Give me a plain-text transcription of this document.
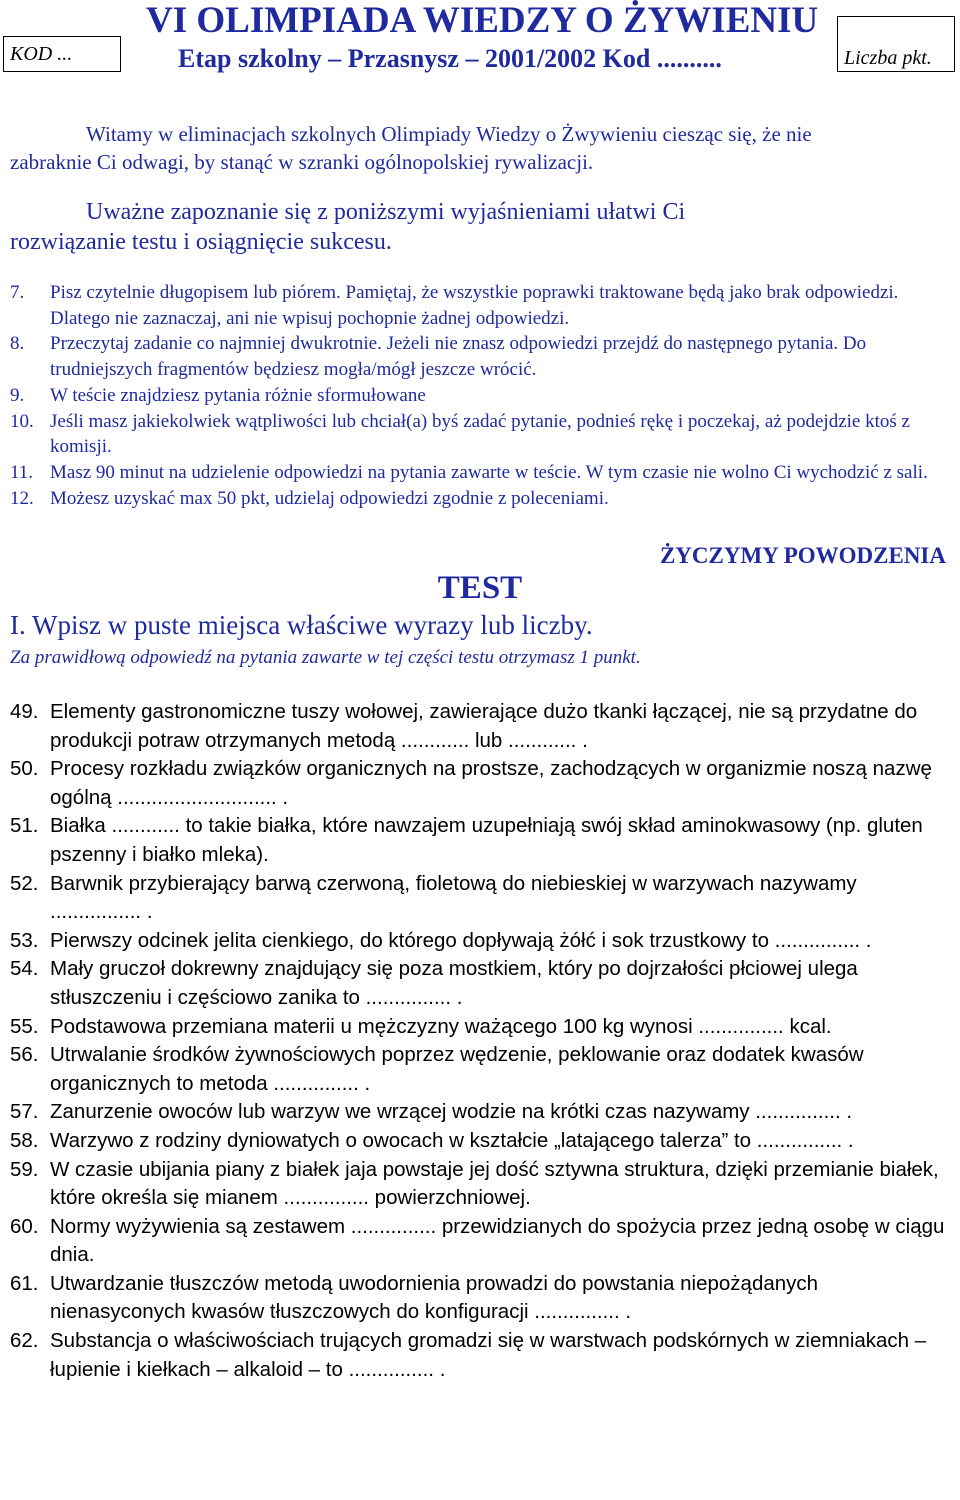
KOD ...
VI OLIMPIADA WIEDZY O ŻYWIENIU
Etap szkolny – Przasnysz – 2001/2002 Kod ..........	Liczba pkt.
Witamy w eliminacjach szkolnych Olimpiady Wiedzy o Żwywieniu ciesząc się, że nie
zabraknie Ci odwagi, by stanąć w szranki ogólnopolskiej rywalizacji.
Uważne zapoznanie się z poniższymi wyjaśnieniami ułatwi Ci
rozwiązanie testu i osiągnięcie sukcesu.
7.	Pisz czytelnie długopisem lub piórem. Pamiętaj, że wszystkie poprawki traktowane będą jako brak odpowiedzi. Dlatego nie zaznaczaj, ani nie wpisuj pochopnie żadnej odpowiedzi.
8.	Przeczytaj zadanie co najmniej dwukrotnie. Jeżeli nie znasz odpowiedzi przejdź do następnego pytania. Do trudniejszych fragmentów będziesz mogła/mógł jeszcze wrócić.
9.	W teście znajdziesz pytania różnie sformułowane
10. Jeśli masz jakiekolwiek wątpliwości lub chciał(a) byś zadać pytanie, podnieś rękę i poczekaj, aż podejdzie ktoś z komisji.
11. Masz 90 minut na udzielenie odpowiedzi na pytania zawarte w teście. W tym czasie nie wolno Ci wychodzić z sali.
12. Możesz uzyskać max 50 pkt, udzielaj odpowiedzi zgodnie z poleceniami.
ŻYCZYMY POWODZENIA
TEST
I. Wpisz w puste miejsca właściwe wyrazy lub liczby.
Za prawidłową odpowiedź na pytania zawarte w tej części testu otrzymasz 1 punkt.
49. Elementy gastronomiczne tuszy wołowej, zawierające dużo tkanki łączącej, nie są przydatne do produkcji potraw otrzymanych metodą ............ lub ............ .
50. Procesy rozkładu związków organicznych na prostsze, zachodzących w organizmie noszą nazwę ogólną ............................ .
51. Białka ............ to takie białka, które nawzajem uzupełniają swój skład aminokwasowy (np. gluten pszenny i białko mleka).
52. Barwnik przybierający barwą czerwoną, fioletową do niebieskiej w warzywach nazywamy ................ .
53. Pierwszy odcinek jelita cienkiego, do którego dopływają żółć i sok trzustkowy to ............... .
54. Mały gruczoł dokrewny znajdujący się poza mostkiem, który po dojrzałości płciowej ulega stłuszczeniu i częściowo zanika to ............... .
55. Podstawowa przemiana materii u mężczyzny ważącego 100 kg wynosi ............... kcal.
56. Utrwalanie środków żywnościowych poprzez wędzenie, peklowanie oraz dodatek kwasów organicznych to metoda ............... .
57. Zanurzenie owoców lub warzyw we wrzącej wodzie na krótki czas nazywamy ............... .
58. Warzywo z rodziny dyniowatych o owocach w kształcie „latającego talerza” to ............... .
59. W czasie ubijania piany z białek jaja powstaje jej dość sztywna struktura, dzięki przemianie białek, które określa się mianem ............... powierzchniowej.
60. Normy wyżywienia są zestawem ............... przewidzianych do spożycia przez jedną osobę w ciągu dnia.
61. Utwardzanie tłuszczów metodą uwodornienia prowadzi do powstania niepożądanych nienasyconych kwasów tłuszczowych do konfiguracji ............... .
62. Substancja o właściwościach trujących gromadzi się w warstwach podskórnych w ziemniakach – łupienie i kiełkach – alkaloid – to ............... .
